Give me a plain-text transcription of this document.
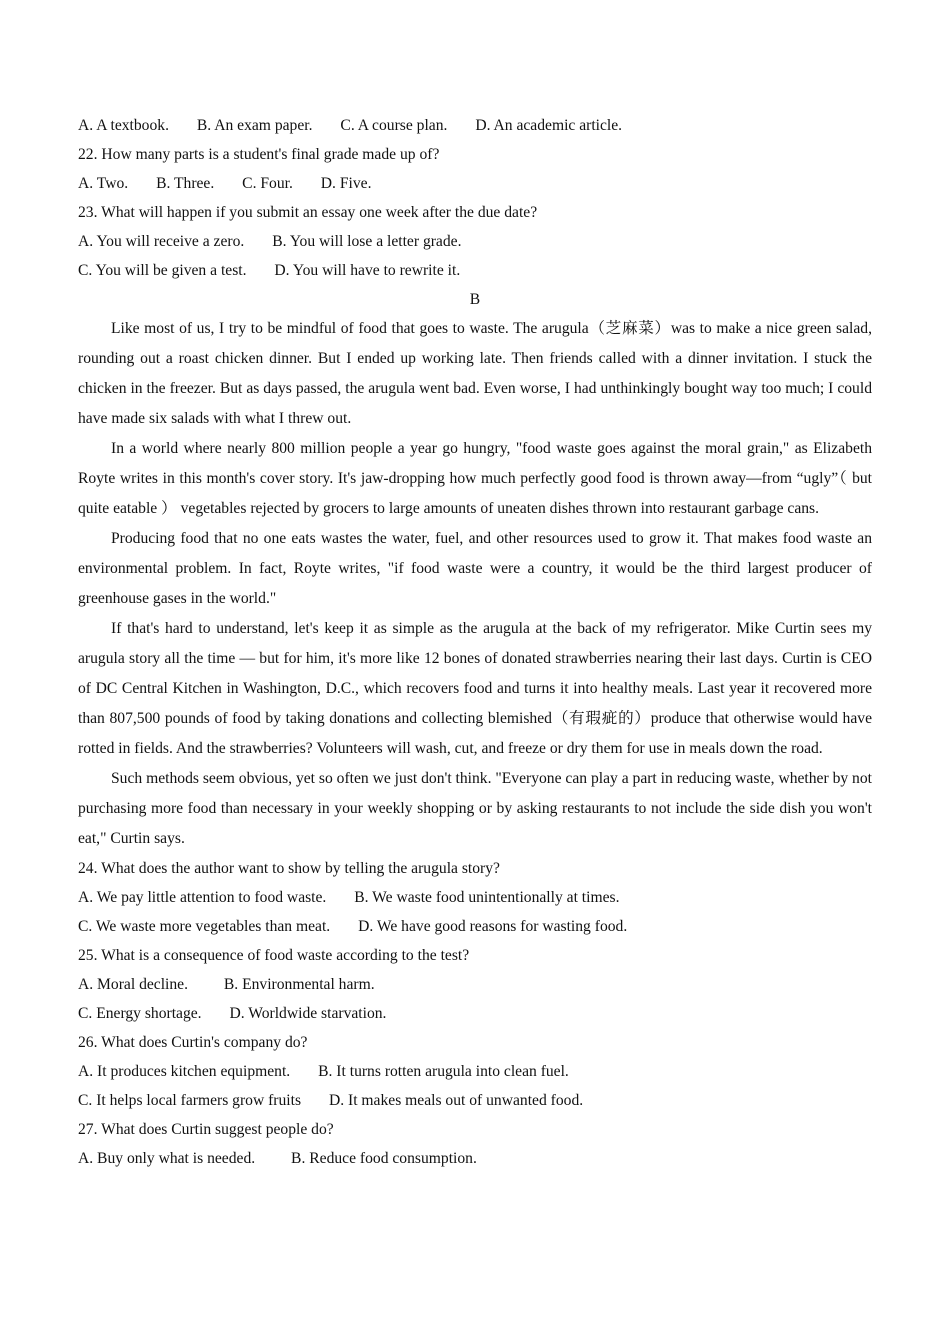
A. A textbook. B. An exam paper. C. A course plan. D. An academic article.
22. How many parts is a student's final grade made up of?
A. Two. B. Three. C. Four. D. Five.
23. What will happen if you submit an essay one week after the due date?
A. You will receive a zero. B. You will lose a letter grade.
C. You will be given a test. D. You will have to rewrite it.
B

Like most of us, I try to be mindful of food that goes to waste. The arugula（芝麻菜）was to make a nice green salad, rounding out a roast chicken dinner. But I ended up working late. Then friends called with a dinner invitation. I stuck the chicken in the freezer. But as days passed, the arugula went bad. Even worse, I had unthinkingly bought way too much; I could have made six salads with what I threw out.

In a world where nearly 800 million people a year go hungry, "food waste goes against the moral grain," as Elizabeth Royte writes in this month's cover story. It's jaw-dropping how much perfectly good food is thrown away—from “ugly”（ but quite eatable ） vegetables rejected by grocers to large amounts of uneaten dishes thrown into restaurant garbage cans.

Producing food that no one eats wastes the water, fuel, and other resources used to grow it. That makes food waste an environmental problem. In fact, Royte writes, "if food waste were a country, it would be the third largest producer of greenhouse gases in the world."

If that's hard to understand, let's keep it as simple as the arugula at the back of my refrigerator. Mike Curtin sees my arugula story all the time — but for him, it's more like 12 bones of donated strawberries nearing their last days. Curtin is CEO of DC Central Kitchen in Washington, D.C., which recovers food and turns it into healthy meals. Last year it recovered more than 807,500 pounds of food by taking donations and collecting blemished（有瑕疵的）produce that otherwise would have rotted in fields. And the strawberries? Volunteers will wash, cut, and freeze or dry them for use in meals down the road.

Such methods seem obvious, yet so often we just don't think. "Everyone can play a part in reducing waste, whether by not purchasing more food than necessary in your weekly shopping or by asking restaurants to not include the side dish you won't eat," Curtin says.

24. What does the author want to show by telling the arugula story?
A. We pay little attention to food waste. B. We waste food unintentionally at times.
C. We waste more vegetables than meat. D. We have good reasons for wasting food.
25. What is a consequence of food waste according to the test?
A. Moral decline. B. Environmental harm.
C. Energy shortage. D. Worldwide starvation.
26. What does Curtin's company do?
A. It produces kitchen equipment. B. It turns rotten arugula into clean fuel.
C. It helps local farmers grow fruits D. It makes meals out of unwanted food.
27. What does Curtin suggest people do?
A. Buy only what is needed. B. Reduce food consumption.
